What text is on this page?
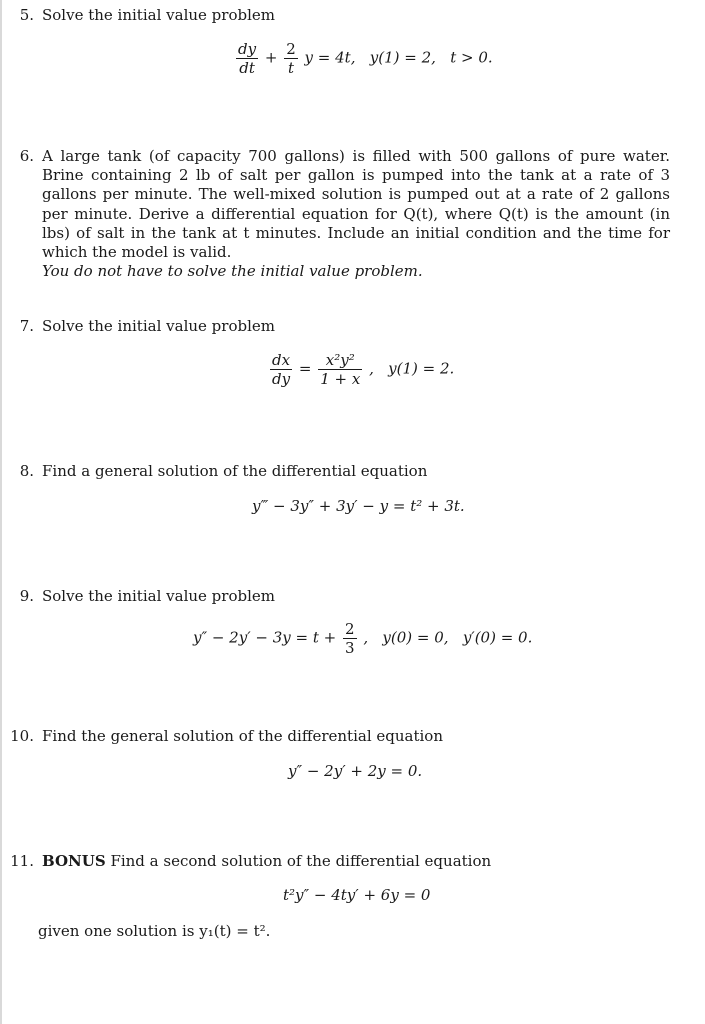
5. Solve the initial value problem
$\frac{dy}{dt} + \frac{2}{t}$ y = 4t,   y(1) = 2,   t > 0.
6. A large tank (of capacity 700 gallons) is filled with 500 gallons of pure water. Brine containing 2 lb of salt per gallon is pumped into the tank at a rate of 3 gallons per minute. The well-mixed solution is pumped out at a rate of 2 gallons per minute. Derive a differential equation for Q(t), where Q(t) is the amount (in lbs) of salt in the tank at t minutes. Include an initial condition and the time for which the model is valid.
You do not have to solve the initial value problem.
7. Solve the initial value problem
$\frac{dx}{dy} = \frac{\text{x²y²}}{1 + x}$ ,   y(1) = 2.
8. Find a general solution of the differential equation
y‴ − 3y″ + 3y′ − y = t² + 3t.
9. Solve the initial value problem
$y'' - 2y' - 3y = t + \frac{2}{3}$ ,   y(0) = 0,   y′(0) = 0.
10. Find the general solution of the differential equation
y″ − 2y′ + 2y = 0.
11. BONUS Find a second solution of the differential equation
t²y″ − 4ty′ + 6y = 0
given one solution is y₁(t) = t².
